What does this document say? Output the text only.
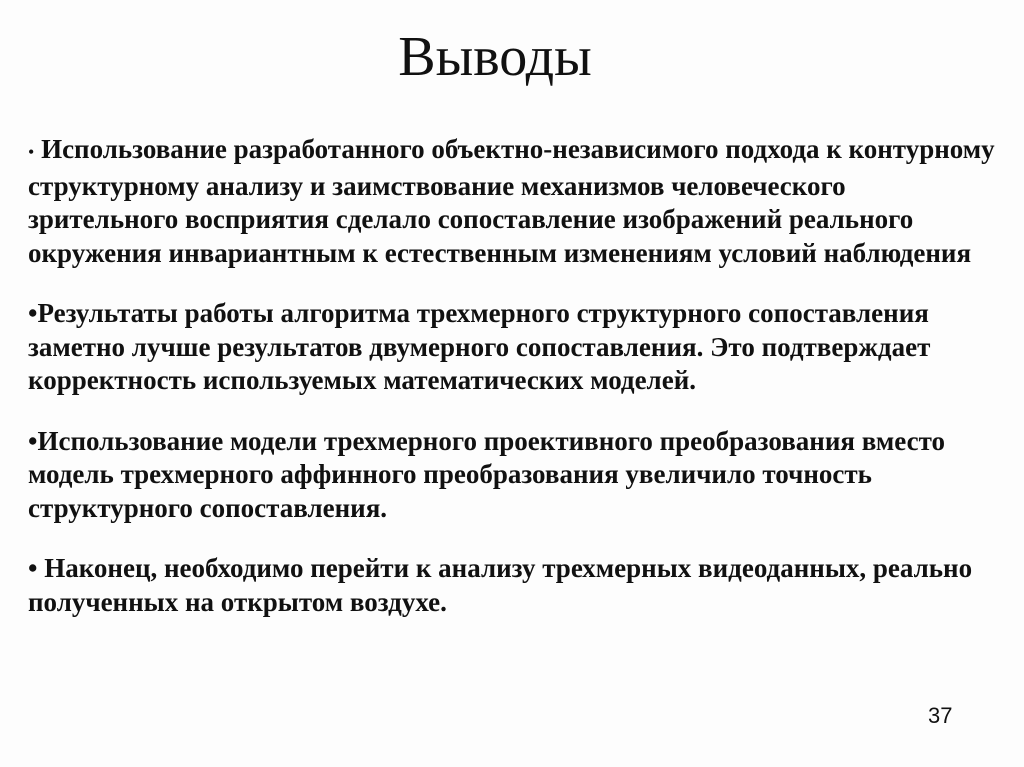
Выводы

• Использование разработанного объектно-независимого подхода к контурному структурному анализу и заимствование механизмов человеческого зрительного восприятия сделало сопоставление изображений реального окружения инвариантным к естественным изменениям условий наблюдения

•Результаты работы алгоритма трехмерного структурного сопоставления заметно лучше результатов двумерного сопоставления. Это подтверждает корректность используемых математических моделей.

•Использование модели трехмерного проективного преобразования вместо модель трехмерного аффинного преобразования увеличило точность структурного сопоставления.

• Наконец, необходимо перейти к анализу трехмерных видеоданных, реально полученных на открытом воздухе.

37
